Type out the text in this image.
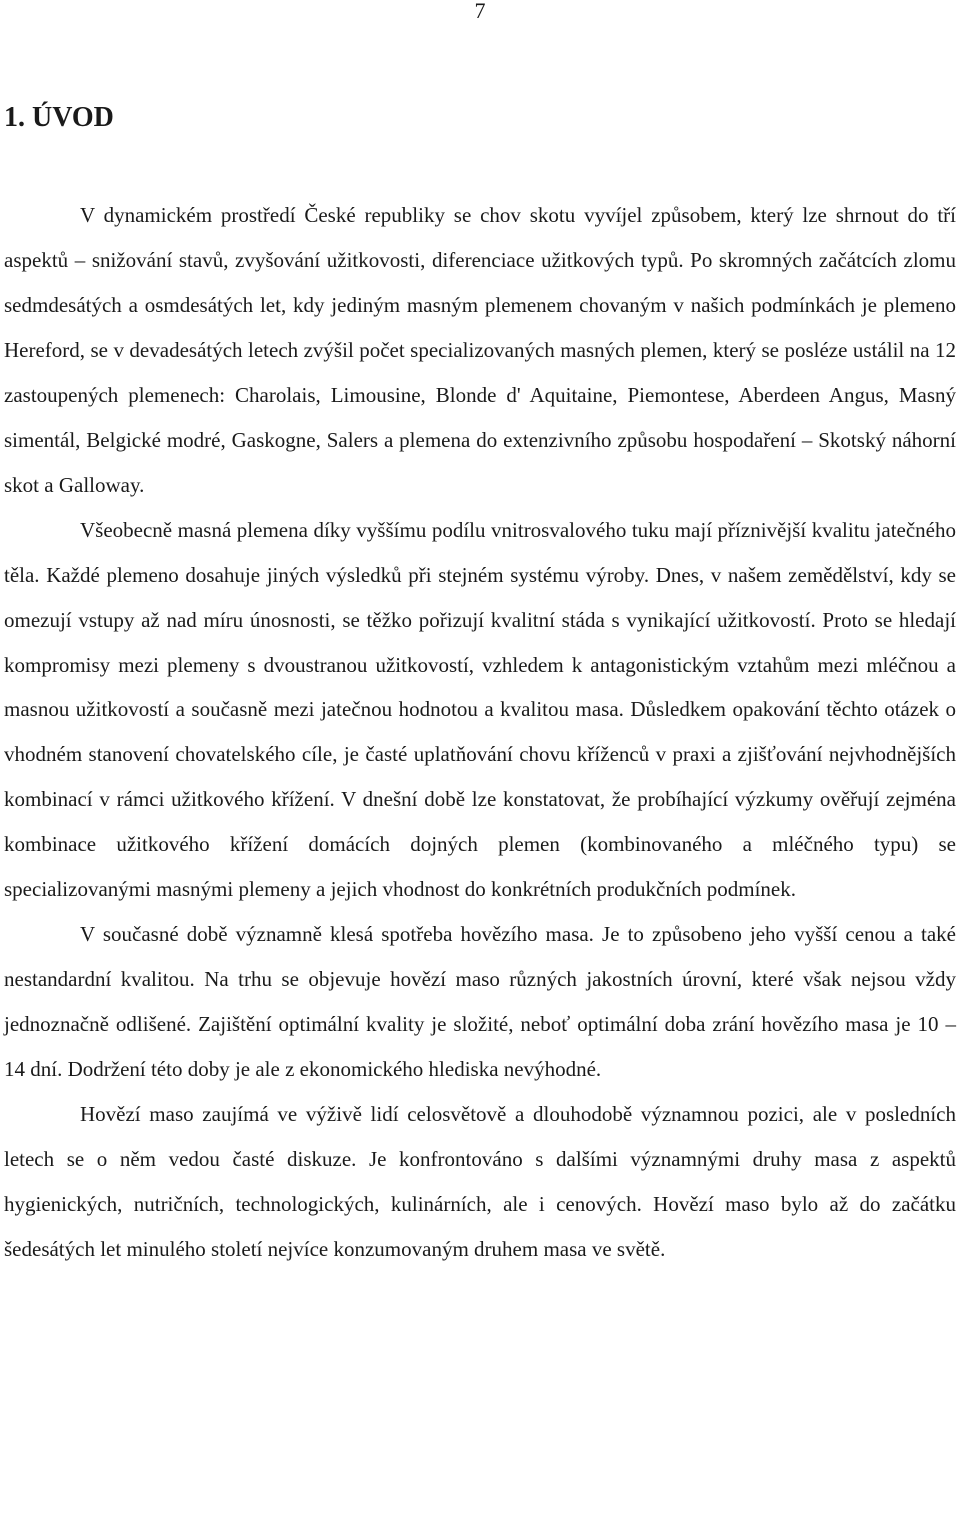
7
1. ÚVOD

V dynamickém prostředí České republiky se chov skotu vyvíjel způsobem, který lze shrnout do tří aspektů – snižování stavů, zvyšování užitkovosti, diferenciace užitkových typů. Po skromných začátcích zlomu sedmdesátých a osmdesátých let, kdy jediným masným plemenem chovaným v našich podmínkách je plemeno Hereford, se v devadesátých letech zvýšil počet specializovaných masných plemen, který se posléze ustálil na 12 zastoupených plemenech: Charolais, Limousine, Blonde d' Aquitaine, Piemontese, Aberdeen Angus, Masný simentál, Belgické modré, Gaskogne, Salers a plemena do extenzivního způsobu hospodaření – Skotský náhorní skot a Galloway.

Všeobecně masná plemena díky vyššímu podílu vnitrosvalového tuku mají příznivější kvalitu jatečného těla. Každé plemeno dosahuje jiných výsledků při stejném systému výroby. Dnes, v našem zemědělství, kdy se omezují vstupy až nad míru únosnosti, se těžko pořizují kvalitní stáda s vynikající užitkovostí. Proto se hledají kompromisy mezi plemeny s dvoustranou užitkovostí, vzhledem k antagonistickým vztahům mezi mléčnou a masnou užitkovostí a současně mezi jatečnou hodnotou a kvalitou masa. Důsledkem opakování těchto otázek o vhodném stanovení chovatelského cíle, je časté uplatňování chovu kříženců v praxi a zjišťování nejvhodnějších kombinací v rámci užitkového křížení. V dnešní době lze konstatovat, že probíhající výzkumy ověřují zejména kombinace užitkového křížení domácích dojných plemen (kombinovaného a mléčného typu) se specializovanými masnými plemeny a jejich vhodnost do konkrétních produkčních podmínek.

V současné době významně klesá spotřeba hovězího masa. Je to způsobeno jeho vyšší cenou a také nestandardní kvalitou. Na trhu se objevuje hovězí maso různých jakostních úrovní, které však nejsou vždy jednoznačně odlišené. Zajištění optimální kvality je složité, neboť optimální doba zrání hovězího masa je 10 – 14 dní. Dodržení této doby je ale z ekonomického hlediska nevýhodné.

Hovězí maso zaujímá ve výživě lidí celosvětově a dlouhodobě významnou pozici, ale v posledních letech se o něm vedou časté diskuze. Je konfrontováno s dalšími významnými druhy masa z aspektů hygienických, nutričních, technologických, kulinárních, ale i cenových. Hovězí maso bylo až do začátku šedesátých let minulého století nejvíce konzumovaným druhem masa ve světě.
